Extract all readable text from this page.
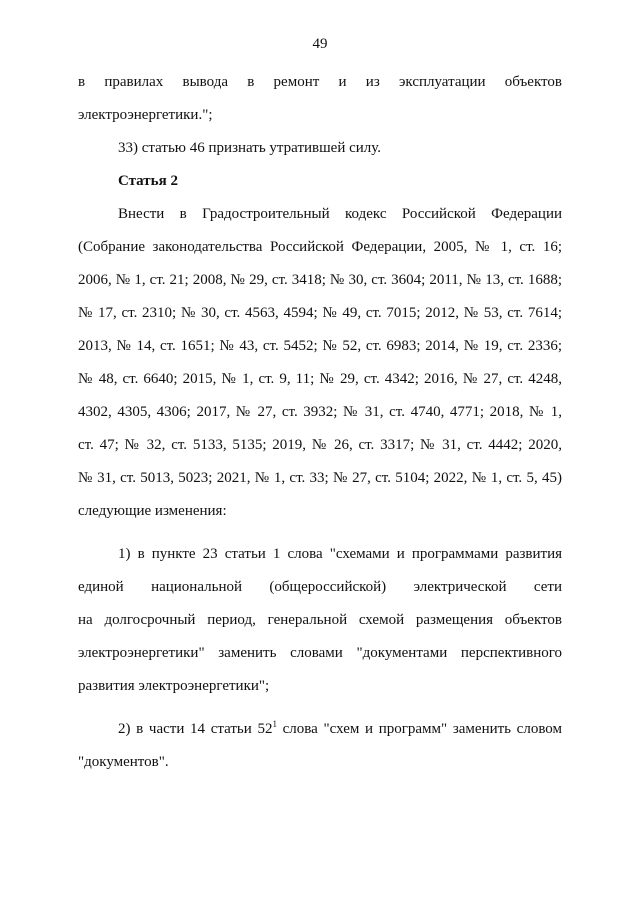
49
в правилах вывода в ремонт и из эксплуатации объектов
электроэнергетики.";
33) статью 46 признать утратившей силу.
Статья 2
Внести в Градостроительный кодекс Российской Федерации
(Собрание законодательства Российской Федерации, 2005, № 1, ст. 16;
2006, № 1, ст. 21; 2008, № 29, ст. 3418; № 30, ст. 3604; 2011, № 13, ст. 1688;
№ 17, ст. 2310; № 30, ст. 4563, 4594; № 49, ст. 7015; 2012, № 53, ст. 7614;
2013, № 14, ст. 1651; № 43, ст. 5452; № 52, ст. 6983; 2014, № 19, ст. 2336;
№ 48, ст. 6640; 2015, № 1, ст. 9, 11; № 29, ст. 4342; 2016, № 27, ст. 4248,
4302, 4305, 4306; 2017, № 27, ст. 3932; № 31, ст. 4740, 4771; 2018, № 1,
ст. 47; № 32, ст. 5133, 5135; 2019, № 26, ст. 3317; № 31, ст. 4442; 2020,
№ 31, ст. 5013, 5023; 2021, № 1, ст. 33; № 27, ст. 5104; 2022, № 1, ст. 5, 45)
следующие изменения:
1) в пункте 23 статьи 1 слова "схемами и программами развития
единой национальной (общероссийской) электрической сети
на долгосрочный период, генеральной схемой размещения объектов
электроэнергетики" заменить словами "документами перспективного
развития электроэнергетики";
2) в части 14 статьи $52^1$ слова "схем и программ" заменить словом
"документов".
